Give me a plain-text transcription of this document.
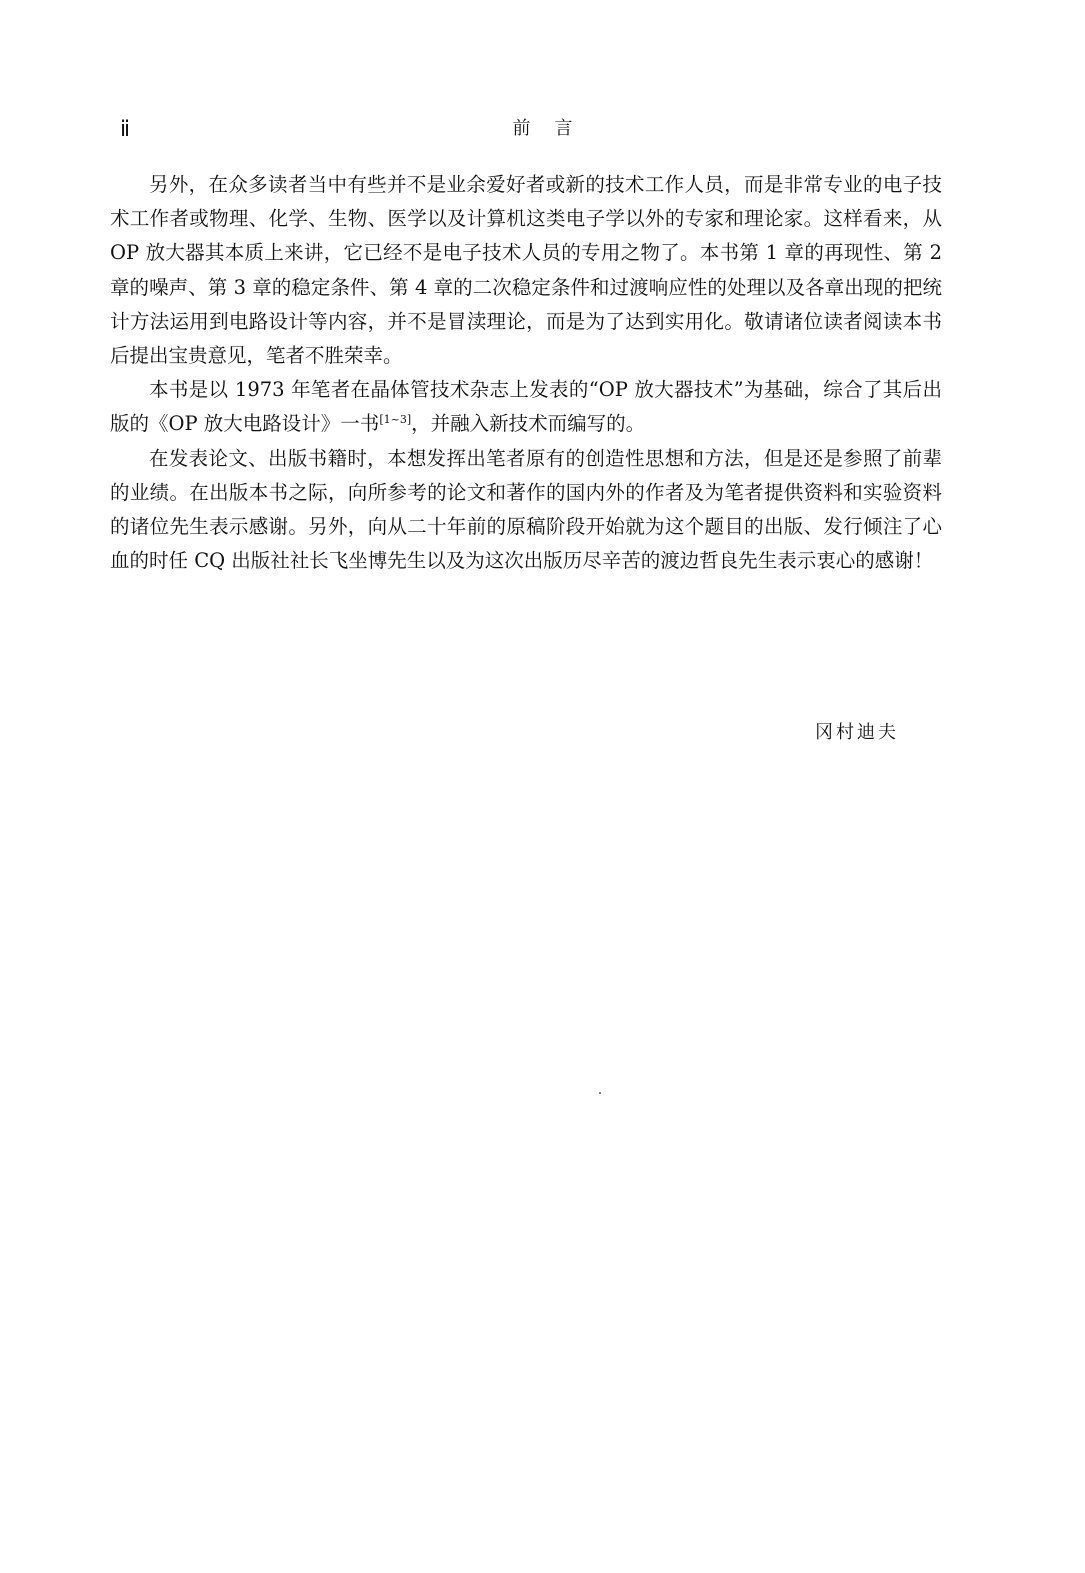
ⅱ	前言

另外，在众多读者当中有些并不是业余爱好者或新的技术工作人员，而是非常专业的电子技术工作者或物理、化学、生物、医学以及计算机这类电子学以外的专家和理论家。这样看来，从 OP 放大器其本质上来讲，它已经不是电子技术人员的专用之物了。本书第 1 章的再现性、第 2 章的噪声、第 3 章的稳定条件、第 4 章的二次稳定条件和过渡响应性的处理以及各章出现的把统计方法运用到电路设计等内容，并不是冒渎理论，而是为了达到实用化。敬请诸位读者阅读本书后提出宝贵意见，笔者不胜荣幸。

本书是以 1973 年笔者在晶体管技术杂志上发表的“OP 放大器技术”为基础，综合了其后出版的《OP 放大电路设计》一书[1~3]，并融入新技术而编写的。

在发表论文、出版书籍时，本想发挥出笔者原有的创造性思想和方法，但是还是参照了前辈的业绩。在出版本书之际，向所参考的论文和著作的国内外的作者及为笔者提供资料和实验资料的诸位先生表示感谢。另外，向从二十年前的原稿阶段开始就为这个题目的出版、发行倾注了心血的时任 CQ 出版社社长飞坐博先生以及为这次出版历尽辛苦的渡边哲良先生表示衷心的感谢！

冈村迪夫
